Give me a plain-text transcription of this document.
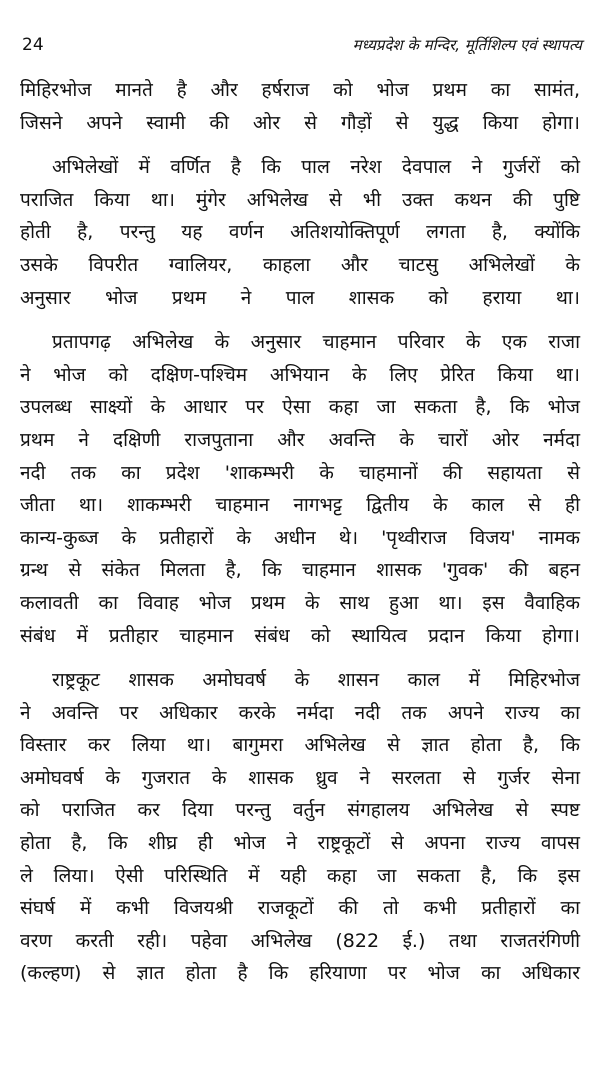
24	मध्यप्रदेश के मन्दिर, मूर्तिशिल्प एवं स्थापत्य

मिहिरभोज मानते है और हर्षराज को भोज प्रथम का सामंत,
जिसने अपने स्वामी की ओर से गौड़ों से युद्ध किया होगा।

अभिलेखों में वर्णित है कि पाल नरेश देवपाल ने गुर्जरों को
पराजित किया था। मुंगेर अभिलेख से भी उक्त कथन की पुष्टि
होती है, परन्तु यह वर्णन अतिशयोक्तिपूर्ण लगता है, क्योंकि
उसके विपरीत ग्वालियर, काहला और चाटसु अभिलेखों के
अनुसार भोज प्रथम ने पाल शासक को हराया था।

प्रतापगढ़ अभिलेख के अनुसार चाहमान परिवार के एक राजा
ने भोज को दक्षिण-पश्चिम अभियान के लिए प्रेरित किया था।
उपलब्ध साक्ष्यों के आधार पर ऐसा कहा जा सकता है, कि भोज
प्रथम ने दक्षिणी राजपुताना और अवन्ति के चारों ओर नर्मदा
नदी तक का प्रदेश 'शाकम्भरी के चाहमानों की सहायता से
जीता था। शाकम्भरी चाहमान नागभट्ट द्वितीय के काल से ही
कान्य-कुब्ज के प्रतीहारों के अधीन थे। 'पृथ्वीराज विजय' नामक
ग्रन्थ से संकेत मिलता है, कि चाहमान शासक 'गुवक' की बहन
कलावती का विवाह भोज प्रथम के साथ हुआ था। इस वैवाहिक
संबंध में प्रतीहार चाहमान संबंध को स्थायित्व प्रदान किया होगा।

राष्ट्रकूट शासक अमोघवर्ष के शासन काल में मिहिरभोज
ने अवन्ति पर अधिकार करके नर्मदा नदी तक अपने राज्य का
विस्तार कर लिया था। बागुमरा अभिलेख से ज्ञात होता है, कि
अमोघवर्ष के गुजरात के शासक ध्रुव ने सरलता से गुर्जर सेना
को पराजित कर दिया परन्तु वर्तुन संगहालय अभिलेख से स्पष्ट
होता है, कि शीघ्र ही भोज ने राष्ट्रकूटों से अपना राज्य वापस
ले लिया। ऐसी परिस्थिति में यही कहा जा सकता है, कि इस
संघर्ष में कभी विजयश्री राजकूटों की तो कभी प्रतीहारों का
वरण करती रही। पहेवा अभिलेख (822 ई.) तथा राजतरंगिणी
(कल्हण) से ज्ञात होता है कि हरियाणा पर भोज का अधिकार
